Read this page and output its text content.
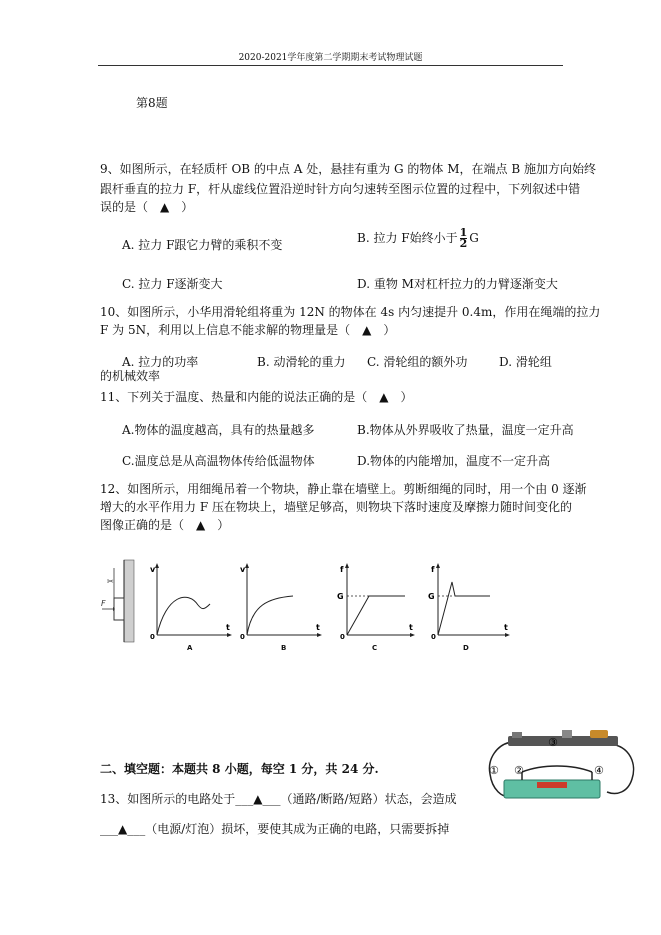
2020-2021学年度第二学期期末考试物理试题
第8题
9、如图所示，在轻质杆 OB 的中点 A 处，悬挂有重为 G 的物体 M，在端点 B 施加方向始终
跟杆垂直的拉力 F，杆从虚线位置沿逆时针方向匀速转至图示位置的过程中，下列叙述中错
误的是（　▲　）
A. 拉力 F跟它力臂的乘积不变	B. 拉力 F始终小于 $\frac{1}{2}$ G
C. 拉力 F逐渐变大	D. 重物 M对杠杆拉力的力臂逐渐变大
10、如图所示，小华用滑轮组将重为 12N 的物体在 4s 内匀速提升 0.4m，作用在绳端的拉力
F 为 5N，利用以上信息不能求解的物理量是（　▲　）
A. 拉力的功率	B. 动滑轮的重力 C. 滑轮组的额外功	D. 滑轮组
的机械效率
11、下列关于温度、热量和内能的说法正确的是（　▲　）
A.物体的温度越高，具有的热量越多	B.物体从外界吸收了热量，温度一定升高
C.温度总是从高温物体传给低温物体	D.物体的内能增加，温度不一定升高
12、如图所示，用细绳吊着一个物块，静止靠在墙壁上。剪断细绳的同时，用一个由 0 逐渐
增大的水平作用力 F 压在物块上，墙壁足够高，则物块下落时速度及摩擦力随时间变化的
图像正确的是（　▲　）
✂
F
v
t
0
A
v
t
0
B
f
G
t
0
C
f
G
t
0
D
二、填空题：本题共 8 小题，每空 1 分，共 24 分.
13、如图所示的电路处于___▲___（通路/断路/短路）状态，会造成
___▲___（电源/灯泡）损坏，要使其成为正确的电路，只需要拆掉
① ②
③
④
